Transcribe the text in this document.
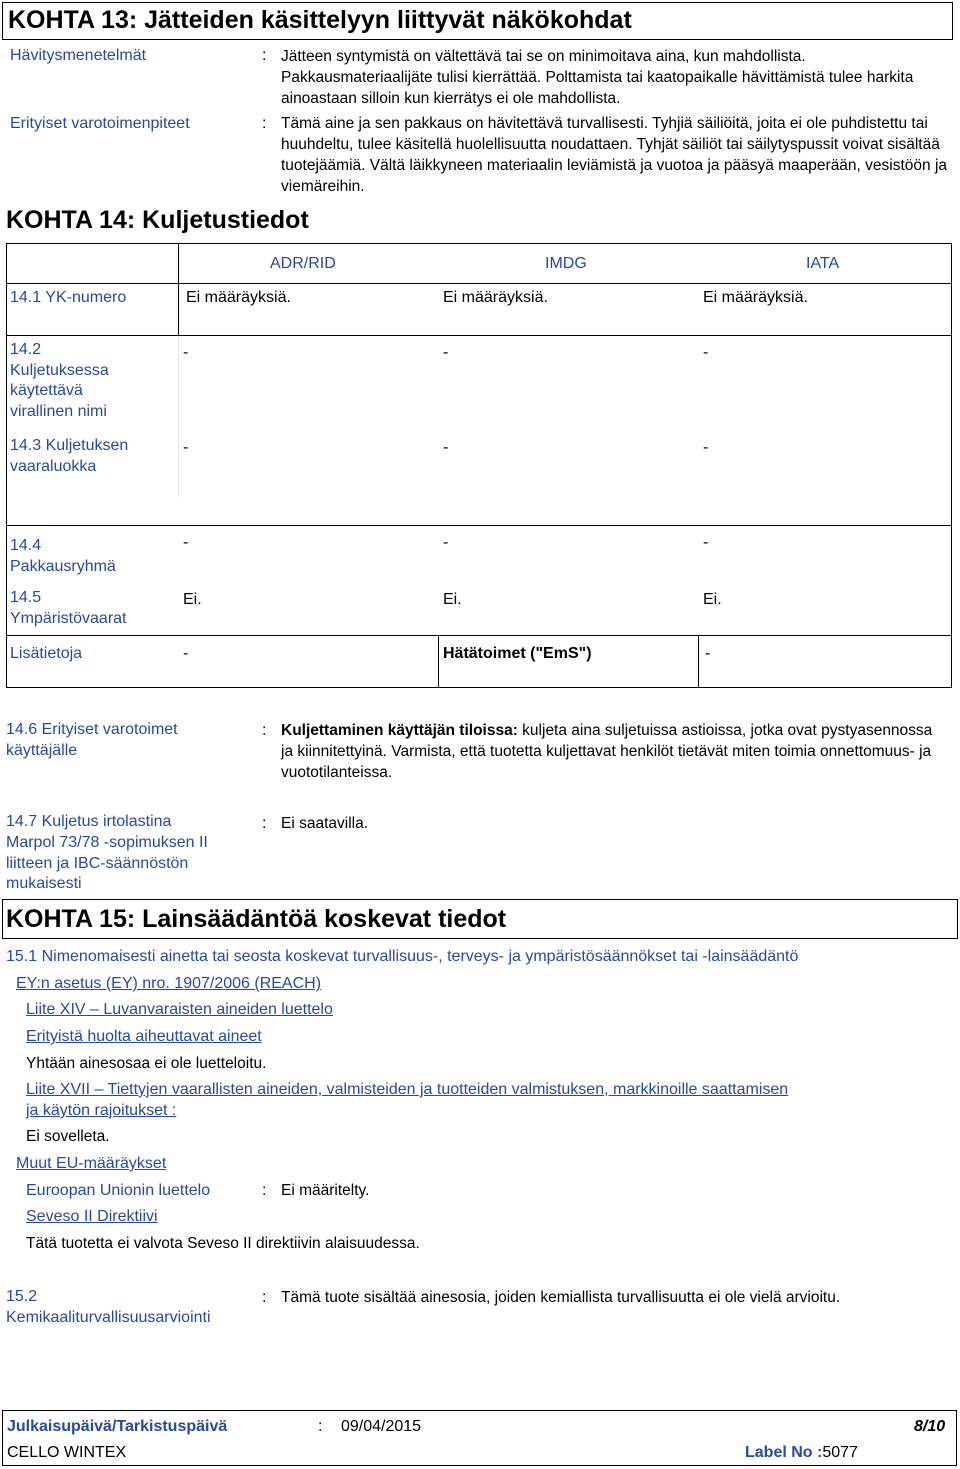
KOHTA 13: Jätteiden käsittelyyn liittyvät näkökohdat
Hävitysmenetelmät	: Jätteen syntymistä on vältettävä tai se on minimoitava aina, kun mahdollista. Pakkausmateriaalijäte tulisi kierrättää. Polttamista tai kaatopaikalle hävittämistä tulee harkita ainoastaan silloin kun kierrätys ei ole mahdollista.
Erityiset varotoimenpiteet	: Tämä aine ja sen pakkaus on hävitettävä turvallisesti. Tyhjiä säiliöitä, joita ei ole puhdistettu tai huuhdeltu, tulee käsitellä huolellisuutta noudattaen. Tyhjät säiliöt tai säilytyspussit voivat sisältää tuotejäämiä. Vältä läikkyneen materiaalin leviämistä ja vuotoa ja pääsyä maaperään, vesistöön ja viemäreihin.
KOHTA 14: Kuljetustiedot
ADR/RID	IMDG	IATA
14.1 YK-numero	Ei määräyksiä.	Ei määräyksiä.	Ei määräyksiä.
14.2
Kuljetuksessa
käytettävä
virallinen nimi
-	-	-
14.3 Kuljetuksen
vaaraluokka
-	-	-
14.4
Pakkausryhmä
-	-	-
14.5
Ympäristövaarat
Ei.	Ei.	Ei.
Lisätietoja	-	Hätätoimet ("EmS")	-
14.6 Erityiset varotoimet
käyttäjälle
: Kuljettaminen käyttäjän tiloissa: kuljeta aina suljetuissa astioissa, jotka ovat pystyasennossa ja kiinnitettyinä. Varmista, että tuotetta kuljettavat henkilöt tietävät miten toimia onnettomuus- ja vuototilanteissa.
14.7 Kuljetus irtolastina
Marpol 73/78 -sopimuksen II
liitteen ja IBC-säännöstön
mukaisesti
: Ei saatavilla.
KOHTA 15: Lainsäädäntöä koskevat tiedot
15.1 Nimenomaisesti ainetta tai seosta koskevat turvallisuus-, terveys- ja ympäristösäännökset tai -lainsäädäntö
EY:n asetus (EY) nro. 1907/2006 (REACH)
Liite XIV – Luvanvaraisten aineiden luettelo
Erityistä huolta aiheuttavat aineet
Yhtään ainesosaa ei ole luetteloitu.
Liite XVII – Tiettyjen vaarallisten aineiden, valmisteiden ja tuotteiden valmistuksen, markkinoille saattamisen
ja käytön rajoitukset :
Ei sovelleta.
Muut EU-määräykset
Euroopan Unionin luettelo	: Ei määritelty.
Seveso II Direktiivi
Tätä tuotetta ei valvota Seveso II direktiivin alaisuudessa.
15.2
Kemikaaliturvallisuusarviointi
: Tämä tuote sisältää ainesosia, joiden kemiallista turvallisuutta ei ole vielä arvioitu.
Julkaisupäivä/Tarkistuspäivä	: 09/04/2015	8/10
CELLO WINTEX	Label No :5077
